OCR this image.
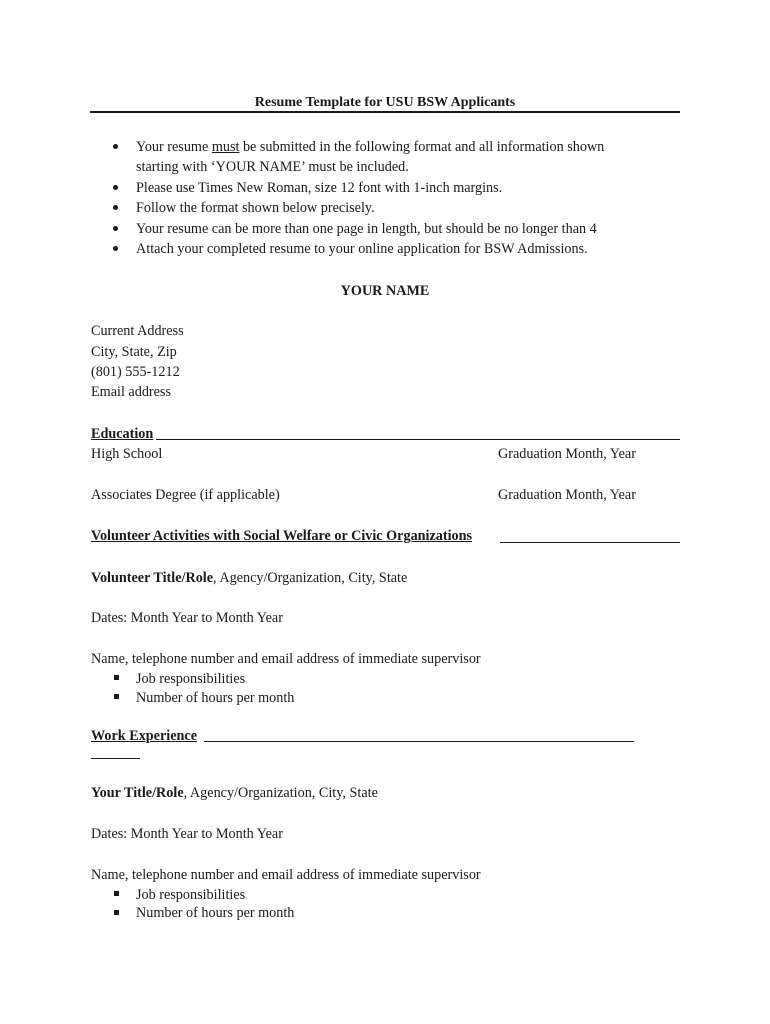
Resume Template for USU BSW Applicants
Your resume must be submitted in the following format and all information shown
starting with ‘YOUR NAME’ must be included.
Please use Times New Roman, size 12 font with 1-inch margins.
Follow the format shown below precisely.
Your resume can be more than one page in length, but should be no longer than 4
Attach your completed resume to your online application for BSW Admissions.
YOUR NAME
Current Address
City, State, Zip
(801) 555-1212
Email address
Education
High School	Graduation Month, Year
Associates Degree (if applicable)	Graduation Month, Year
Volunteer Activities with Social Welfare or Civic Organizations
Volunteer Title/Role, Agency/Organization, City, State
Dates: Month Year to Month Year
Name, telephone number and email address of immediate supervisor
Job responsibilities
Number of hours per month
Work Experience
Your Title/Role, Agency/Organization, City, State
Dates: Month Year to Month Year
Name, telephone number and email address of immediate supervisor
Job responsibilities
Number of hours per month
